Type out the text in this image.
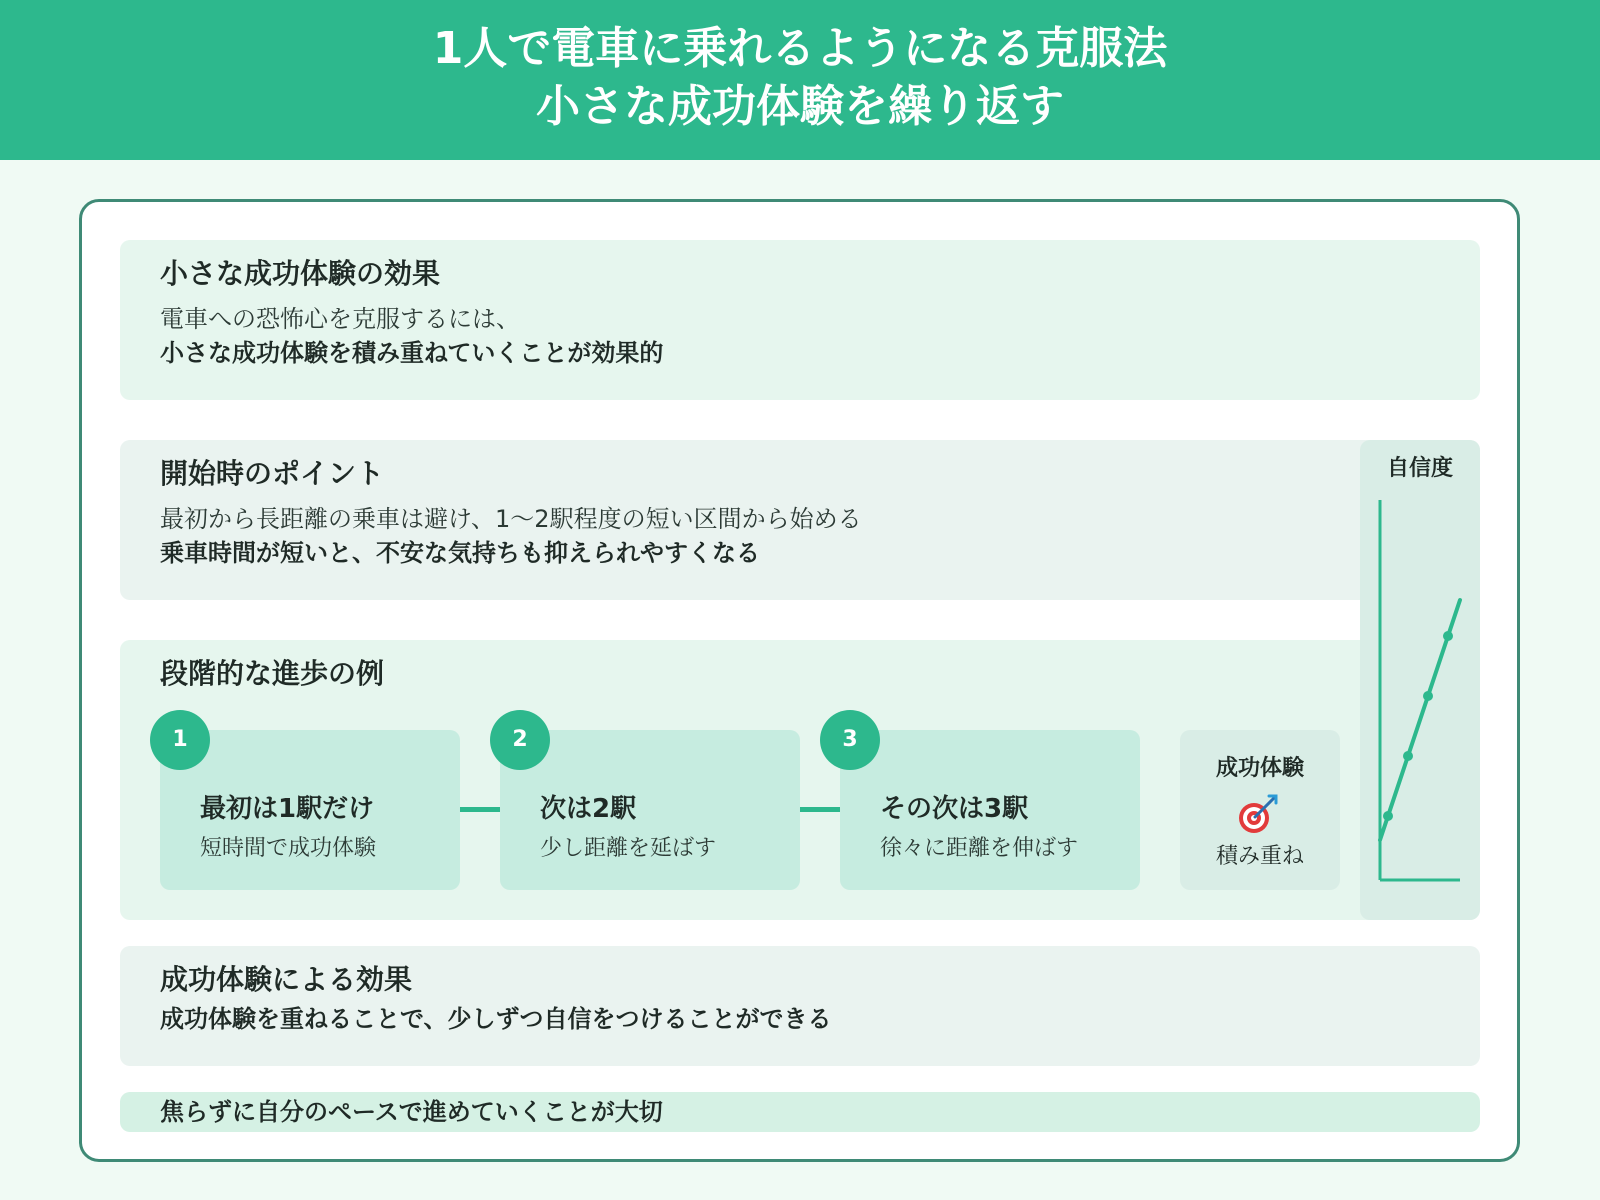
1人で電車に乗れるようになる克服法
小さな成功体験を繰り返す
小さな成功体験の効果
電車への恐怖心を克服するには、
小さな成功体験を積み重ねていくことが効果的
開始時のポイント
最初から長距離の乗車は避け、1〜2駅程度の短い区間から始める
乗車時間が短いと、不安な気持ちも抑えられやすくなる
段階的な進歩の例
最初は1駅だけ
短時間で成功体験
1
次は2駅
少し距離を延ばす
2
その次は3駅
徐々に距離を伸ばす
3
成功体験
積み重ね
自信度
成功体験による効果
成功体験を重ねることで、少しずつ自信をつけることができる
焦らずに自分のペースで進めていくことが大切
